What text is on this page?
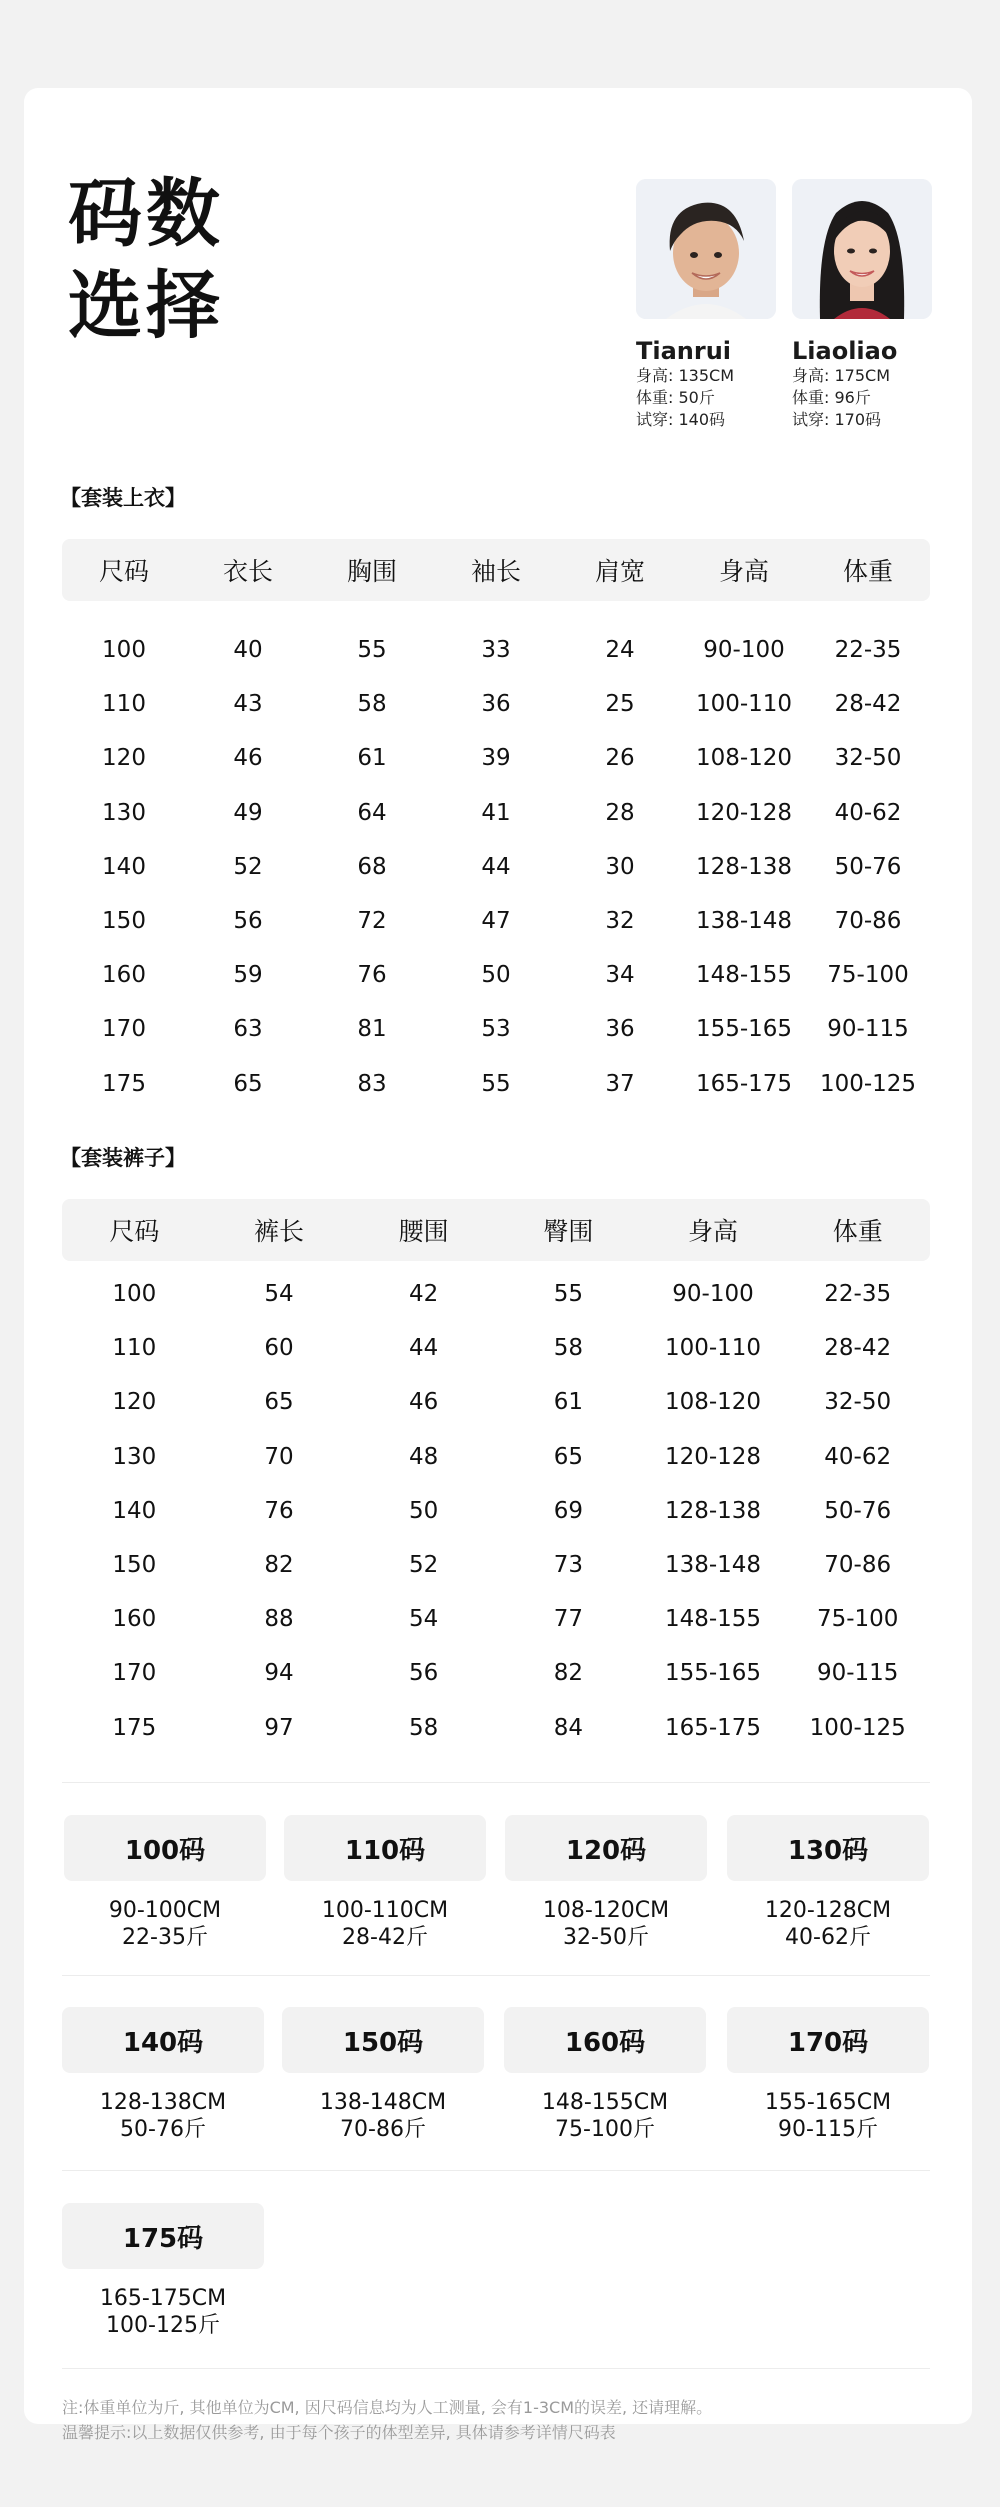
码数
选择
Tianrui
身高: 135CM
体重: 50斤
试穿: 140码
Liaoliao
身高: 175CM
体重: 96斤
试穿: 170码
【套装上衣】
尺码	衣长	胸围	袖长	肩宽	身高	体重
100	40	55	33	24	90-100	22-35
110	43	58	36	25	100-110	28-42
120	46	61	39	26	108-120	32-50
130	49	64	41	28	120-128	40-62
140	52	68	44	30	128-138	50-76
150	56	72	47	32	138-148	70-86
160	59	76	50	34	148-155	75-100
170	63	81	53	36	155-165	90-115
175	65	83	55	37	165-175	100-125
【套装裤子】
尺码	裤长	腰围	臀围	身高	体重
100	54	42	55	90-100	22-35
110	60	44	58	100-110	28-42
120	65	46	61	108-120	32-50
130	70	48	65	120-128	40-62
140	76	50	69	128-138	50-76
150	82	52	73	138-148	70-86
160	88	54	77	148-155	75-100
170	94	56	82	155-165	90-115
175	97	58	84	165-175	100-125
100码
90-100CM
22-35斤
110码
100-110CM
28-42斤
120码
108-120CM
32-50斤
130码
120-128CM
40-62斤
140码
128-138CM
50-76斤
150码
138-148CM
70-86斤
160码
148-155CM
75-100斤
170码
155-165CM
90-115斤
175码
165-175CM
100-125斤
注:体重单位为斤, 其他单位为CM, 因尺码信息均为人工测量, 会有1-3CM的误差, 还请理解。
温馨提示:以上数据仅供参考, 由于每个孩子的体型差异, 具体请参考详情尺码表
